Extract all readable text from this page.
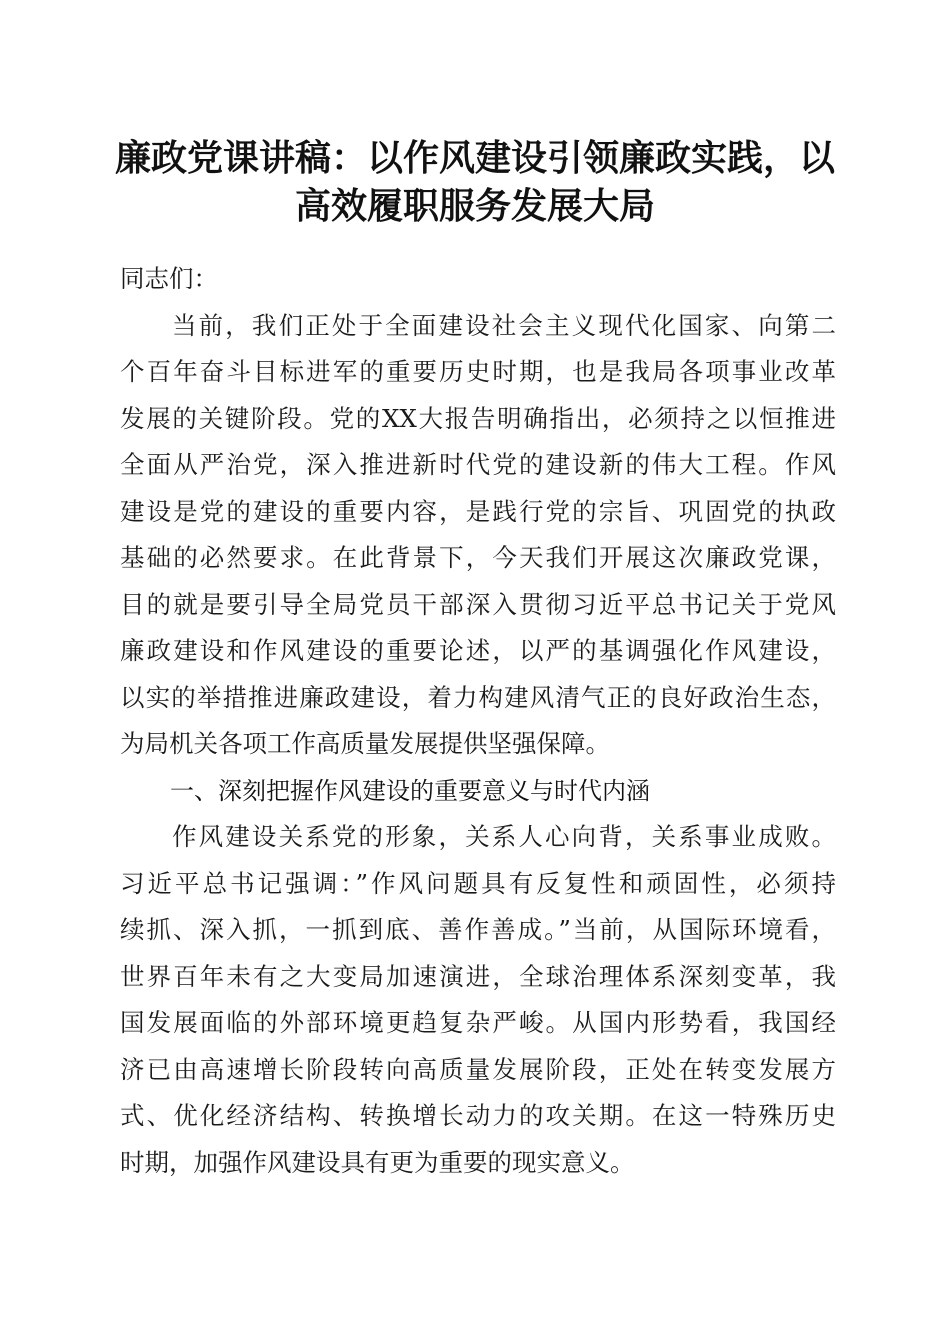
廉政党课讲稿：以作风建设引领廉政实践，以
高效履职服务发展大局

同志们：

当前，我们正处于全面建设社会主义现代化国家、向第二
个百年奋斗目标进军的重要历史时期，也是我局各项事业改革
发展的关键阶段。党的XX大报告明确指出，必须持之以恒推进
全面从严治党，深入推进新时代党的建设新的伟大工程。作风
建设是党的建设的重要内容，是践行党的宗旨、巩固党的执政
基础的必然要求。在此背景下，今天我们开展这次廉政党课，
目的就是要引导全局党员干部深入贯彻习近平总书记关于党风
廉政建设和作风建设的重要论述，以严的基调强化作风建设，
以实的举措推进廉政建设，着力构建风清气正的良好政治生态，
为局机关各项工作高质量发展提供坚强保障。

一、深刻把握作风建设的重要意义与时代内涵

作风建设关系党的形象，关系人心向背，关系事业成败。
习近平总书记强调：”作风问题具有反复性和顽固性，必须持
续抓、深入抓，一抓到底、善作善成。”当前，从国际环境看，
世界百年未有之大变局加速演进，全球治理体系深刻变革，我
国发展面临的外部环境更趋复杂严峻。从国内形势看，我国经
济已由高速增长阶段转向高质量发展阶段，正处在转变发展方
式、优化经济结构、转换增长动力的攻关期。在这一特殊历史
时期，加强作风建设具有更为重要的现实意义。
